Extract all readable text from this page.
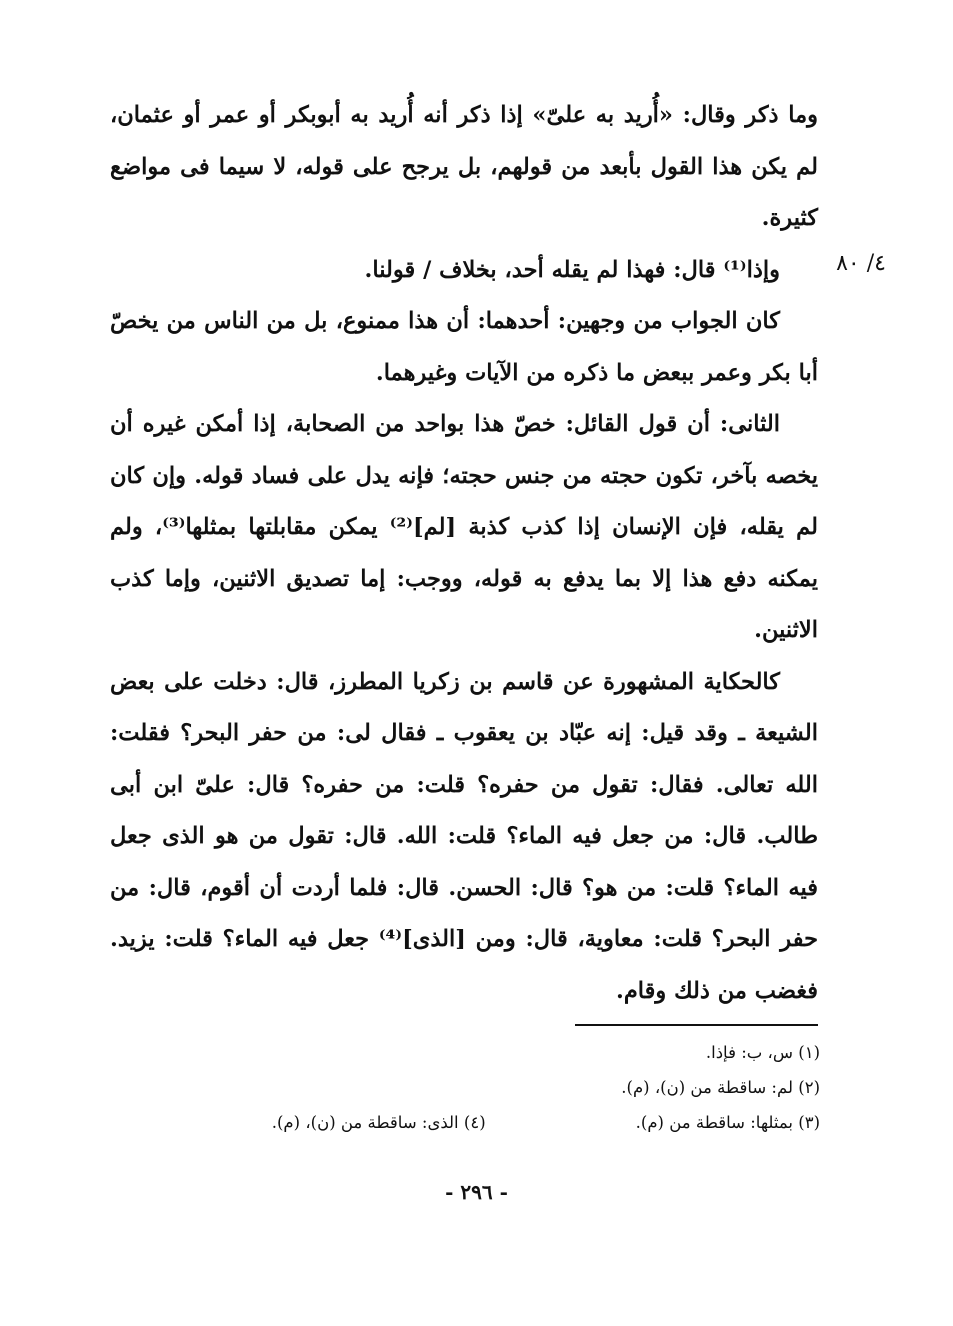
٤/ ٨٠

وما ذكر وقال: «أُريد به علىّ» إذا ذكر أنه أُريد به أبوبكر أو عمر أو عثمان، لم يكن هذا القول بأبعد من قولهم، بل يرجح على قوله، لا سيما فى مواضع كثيرة.

وإذا⁽¹⁾ قال: فهذا لم يقله أحد، بخلاف / قولنا.

كان الجواب من وجهين: أحدهما: أن هذا ممنوع، بل من الناس من يخصّ أبا بكر وعمر ببعض ما ذكره من الآيات وغيرهما.

الثانى: أن قول القائل: خصّ هذا بواحد من الصحابة، إذا أمكن غيره أن يخصه بآخر، تكون حجته من جنس حجته؛ فإنه يدل على فساد قوله. وإن كان لم يقله، فإن الإنسان إذا كذب كذبة [لم]⁽²⁾ يمكن مقابلتها بمثلها⁽³⁾، ولم يمكنه دفع هذا إلا بما يدفع به قوله، ووجب: إما تصديق الاثنين، وإما كذب الاثنين.

كالحكاية المشهورة عن قاسم بن زكريا المطرز، قال: دخلت على بعض الشيعة ـ وقد قيل: إنه عبّاد بن يعقوب ـ فقال لى: من حفر البحر؟ فقلت: الله تعالى. فقال: تقول من حفره؟ قلت: من حفره؟ قال: علىّ ابن أبى طالب. قال: من جعل فيه الماء؟ قلت: الله. قال: تقول من هو الذى جعل فيه الماء؟ قلت: من هو؟ قال: الحسن. قال: فلما أردت أن أقوم، قال: من حفر البحر؟ قلت: معاوية، قال: ومن [الذى]⁽⁴⁾ جعل فيه الماء؟ قلت: يزيد. فغضب من ذلك وقام.

(١) س، ب: فإذا.
(٢) لم: ساقطة من (ن)، (م).
(٣) بمثلها: ساقطة من (م).
(٤) الذى: ساقطة من (ن)، (م).
- ٢٩٦ -
